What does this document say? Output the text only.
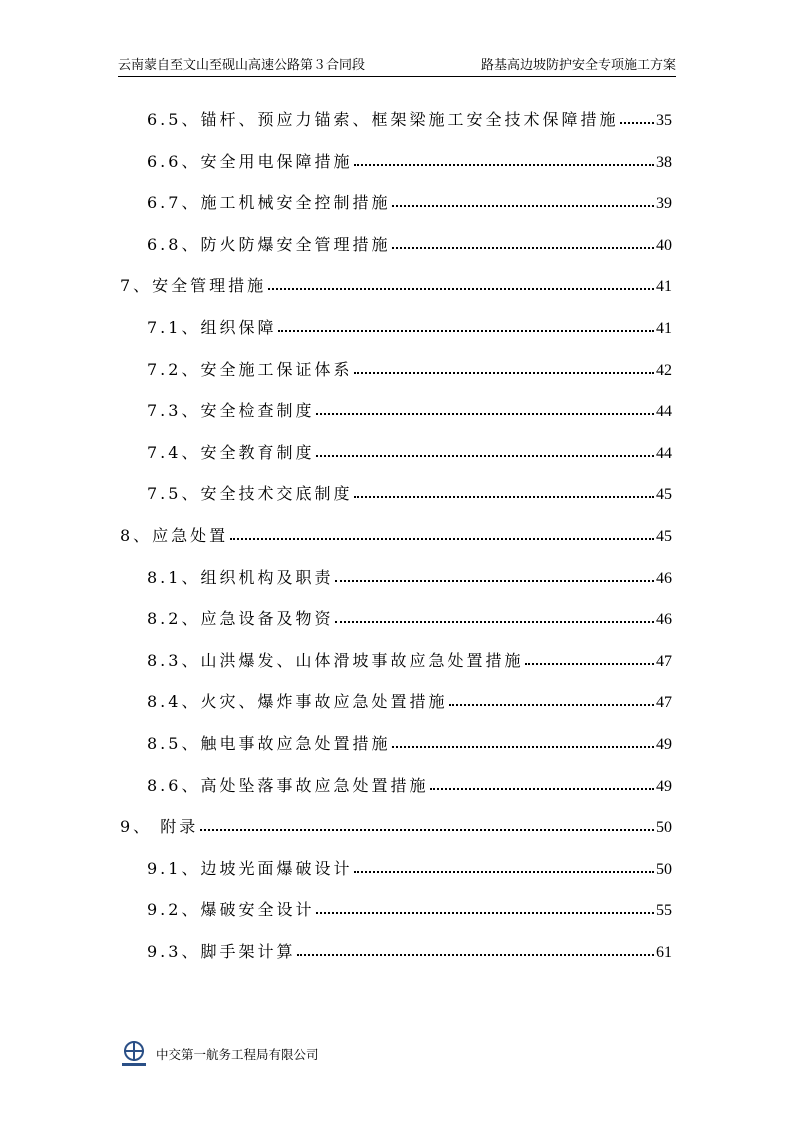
云南蒙自至文山至砚山高速公路第３合同段	路基高边坡防护安全专项施工方案
6.5、锚杆、预应力锚索、框架梁施工安全技术保障措施 35
6.6、安全用电保障措施	38
6.7、施工机械安全控制措施	39
6.8、防火防爆安全管理措施	40
7、安全管理措施	41
7.1、组织保障	41
7.2、安全施工保证体系	42
7.3、安全检查制度	44
7.4、安全教育制度	44
7.5、安全技术交底制度	45
8、应急处置	45
8.1、组织机构及职责	46
8.2、应急设备及物资	46
8.3、山洪爆发、山体滑坡事故应急处置措施	47
8.4、火灾、爆炸事故应急处置措施	47
8.5、触电事故应急处置措施	49
8.6、高处坠落事故应急处置措施	49
9、 附录	50
9.1、边坡光面爆破设计	50
9.2、爆破安全设计	55
9.3、脚手架计算	61
中交第一航务工程局有限公司
